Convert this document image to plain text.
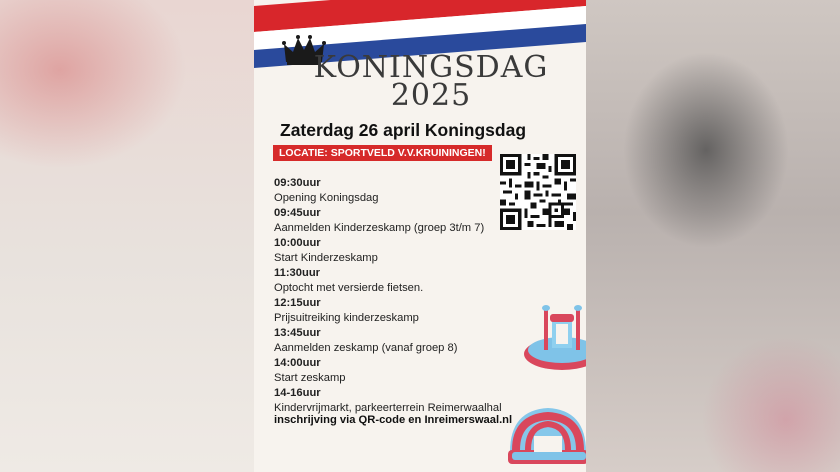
KONINGSDAG
2025
Zaterdag 26 april Koningsdag
LOCATIE: SPORTVELD V.V.KRUININGEN!
09:30uur
Opening Koningsdag
09:45uur
Aanmelden Kinderzeskamp (groep 3t/m 7)
10:00uur
Start Kinderzeskamp
11:30uur
Optocht met versierde fietsen.
12:15uur
Prijsuitreiking kinderzeskamp
13:45uur
Aanmelden zeskamp (vanaf groep 8)
14:00uur
Start zeskamp
14-16uur
Kindervrijmarkt, parkeerterrein Reimerwaalhal
inschrijving via QR-code en Inreimerswaal.nl
